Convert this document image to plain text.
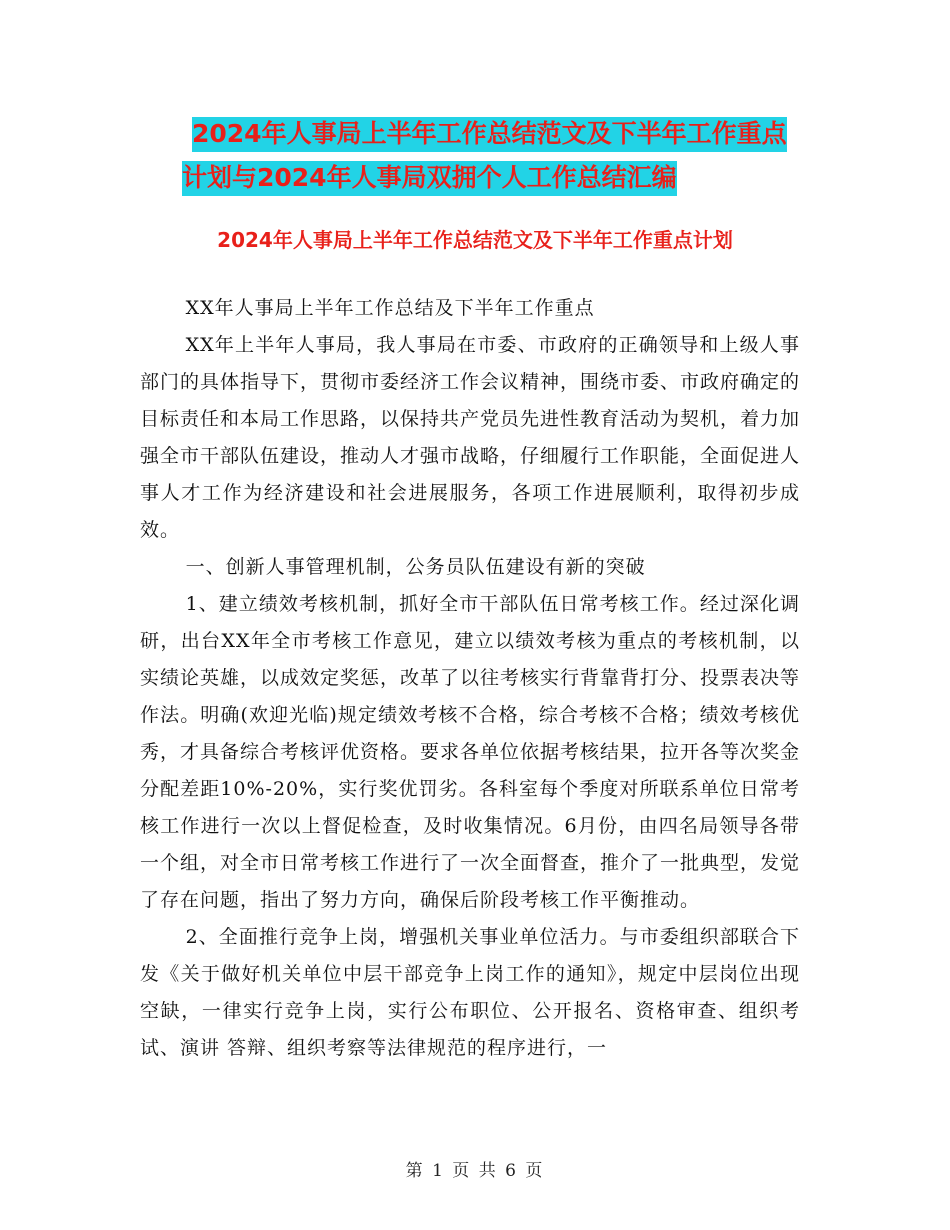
2024年人事局上半年工作总结范文及下半年工作重点
计划与2024年人事局双拥个人工作总结汇编
2024年人事局上半年工作总结范文及下半年工作重点计划

XX年人事局上半年工作总结及下半年工作重点

XX年上半年人事局，我人事局在市委、市政府的正确领导和上级人事部门的具体指导下，贯彻市委经济工作会议精神，围绕市委、市政府确定的目标责任和本局工作思路，以保持共产党员先进性教育活动为契机，着力加强全市干部队伍建设，推动人才强市战略，仔细履行工作职能，全面促进人事人才工作为经济建设和社会进展服务，各项工作进展顺利，取得初步成效。

一、创新人事管理机制，公务员队伍建设有新的突破

1、建立绩效考核机制，抓好全市干部队伍日常考核工作。经过深化调研，出台XX年全市考核工作意见，建立以绩效考核为重点的考核机制，以实绩论英雄，以成效定奖惩，改革了以往考核实行背靠背打分、投票表决等作法。明确(欢迎光临)规定绩效考核不合格，综合考核不合格；绩效考核优秀，才具备综合考核评优资格。要求各单位依据考核结果，拉开各等次奖金分配差距10%-20%，实行奖优罚劣。各科室每个季度对所联系单位日常考核工作进行一次以上督促检查，及时收集情况。6月份，由四名局领导各带一个组，对全市日常考核工作进行了一次全面督查，推介了一批典型，发觉了存在问题，指出了努力方向，确保后阶段考核工作平衡推动。

2、全面推行竞争上岗，增强机关事业单位活力。与市委组织部联合下发《关于做好机关单位中层干部竞争上岗工作的通知》，规定中层岗位出现空缺，一律实行竞争上岗，实行公布职位、公开报名、资格审查、组织考试、演讲 答辩、组织考察等法律规范的程序进行，一

第 1 页 共 6 页
